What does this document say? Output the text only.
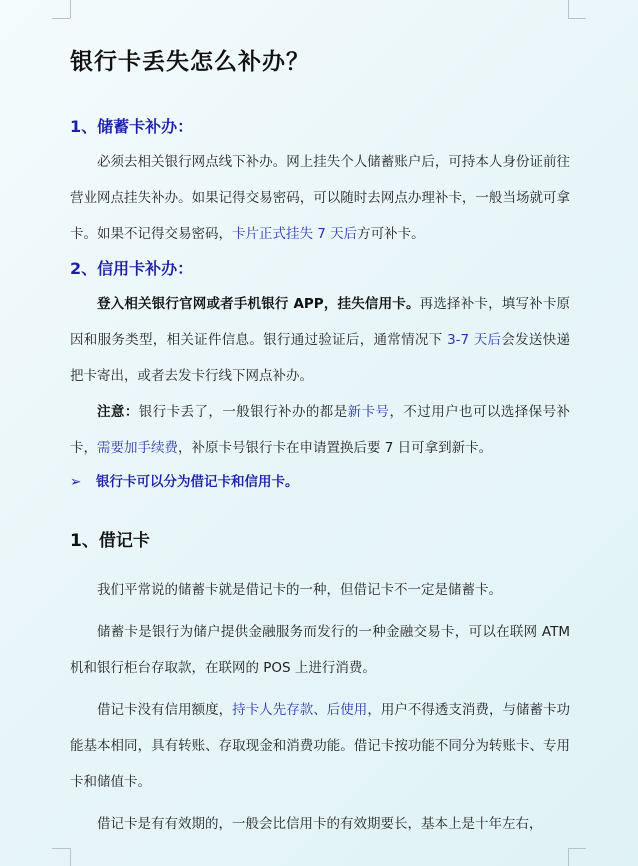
银行卡丢失怎么补办？
1、储蓄卡补办：

必须去相关银行网点线下补办。网上挂失个人储蓄账户后，可持本人身份证前往营业网点挂失补办。如果记得交易密码，可以随时去网点办理补卡，一般当场就可拿卡。如果不记得交易密码，卡片正式挂失 7 天后方可补卡。

2、信用卡补办：

登入相关银行官网或者手机银行 APP，挂失信用卡。再选择补卡，填写补卡原因和服务类型，相关证件信息。银行通过验证后，通常情况下 3-7 天后会发送快递把卡寄出，或者去发卡行线下网点补办。

注意：银行卡丢了，一般银行补办的都是新卡号，不过用户也可以选择保号补卡，需要加手续费，补原卡号银行卡在申请置换后要 7 日可拿到新卡。

➢ 银行卡可以分为借记卡和信用卡。
1、借记卡

我们平常说的储蓄卡就是借记卡的一种，但借记卡不一定是储蓄卡。

储蓄卡是银行为储户提供金融服务而发行的一种金融交易卡，可以在联网 ATM 机和银行柜台存取款，在联网的 POS 上进行消费。

借记卡没有信用额度，持卡人先存款、后使用，用户不得透支消费，与储蓄卡功能基本相同，具有转账、存取现金和消费功能。借记卡按功能不同分为转账卡、专用卡和储值卡。

借记卡是有有效期的，一般会比信用卡的有效期要长，基本上是十年左右，
